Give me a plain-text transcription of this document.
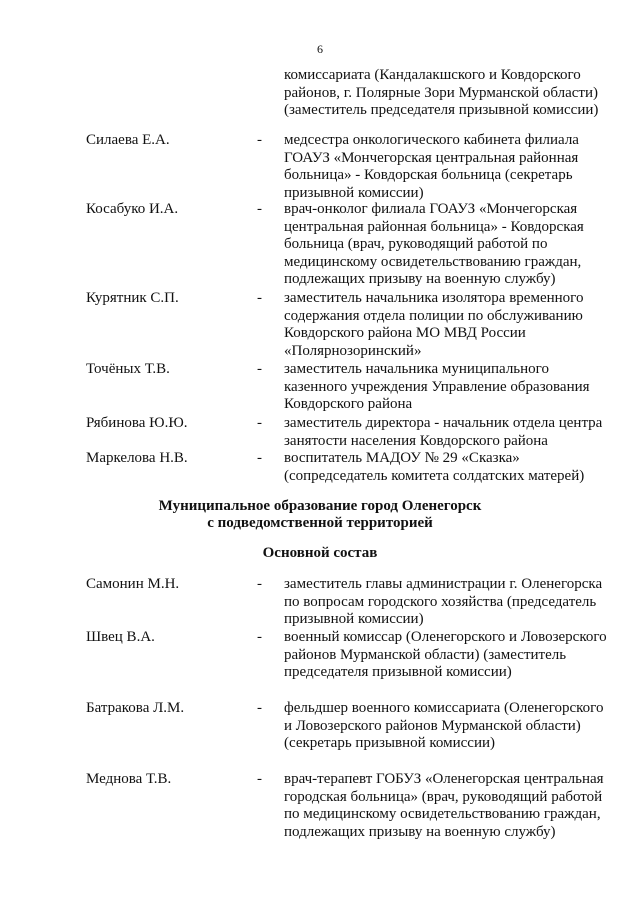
6
комиссариата (Кандалакшского и Ковдорского районов, г. Полярные Зори Мурманской области) (заместитель председателя призывной комиссии)
Силаева Е.А.	- медсестра онкологического кабинета филиала ГОАУЗ «Мончегорская центральная районная больница» - Ковдорская больница (секретарь призывной комиссии)
Косабуко И.А.	- врач-онколог филиала ГОАУЗ «Мончегорская центральная районная больница» - Ковдорская больница (врач, руководящий работой по медицинскому освидетельствованию граждан, подлежащих призыву на военную службу)
Курятник С.П.	- заместитель начальника изолятора временного содержания отдела полиции по обслуживанию Ковдорского района МО МВД России «Полярнозоринский»
Точёных Т.В.	- заместитель начальника муниципального казенного учреждения Управление образования Ковдорского района
Рябинова Ю.Ю.	- заместитель директора - начальник отдела центра занятости населения Ковдорского района
Маркелова Н.В.	- воспитатель МАДОУ № 29 «Сказка» (сопредседатель комитета солдатских матерей)
Муниципальное образование город Оленегорск
с подведомственной территорией
Основной состав
Самонин М.Н.	- заместитель главы администрации г. Оленегорска по вопросам городского хозяйства (председатель призывной комиссии)
Швец В.А.	- военный комиссар (Оленегорского и Ловозерского районов Мурманской области) (заместитель председателя призывной комиссии)
Батракова Л.М.	- фельдшер военного комиссариата (Оленегорского и Ловозерского районов Мурманской области) (секретарь призывной комиссии)
Меднова Т.В.	- врач-терапевт ГОБУЗ «Оленегорская центральная городская больница» (врач, руководящий работой по медицинскому освидетельствованию граждан, подлежащих призыву на военную службу)
